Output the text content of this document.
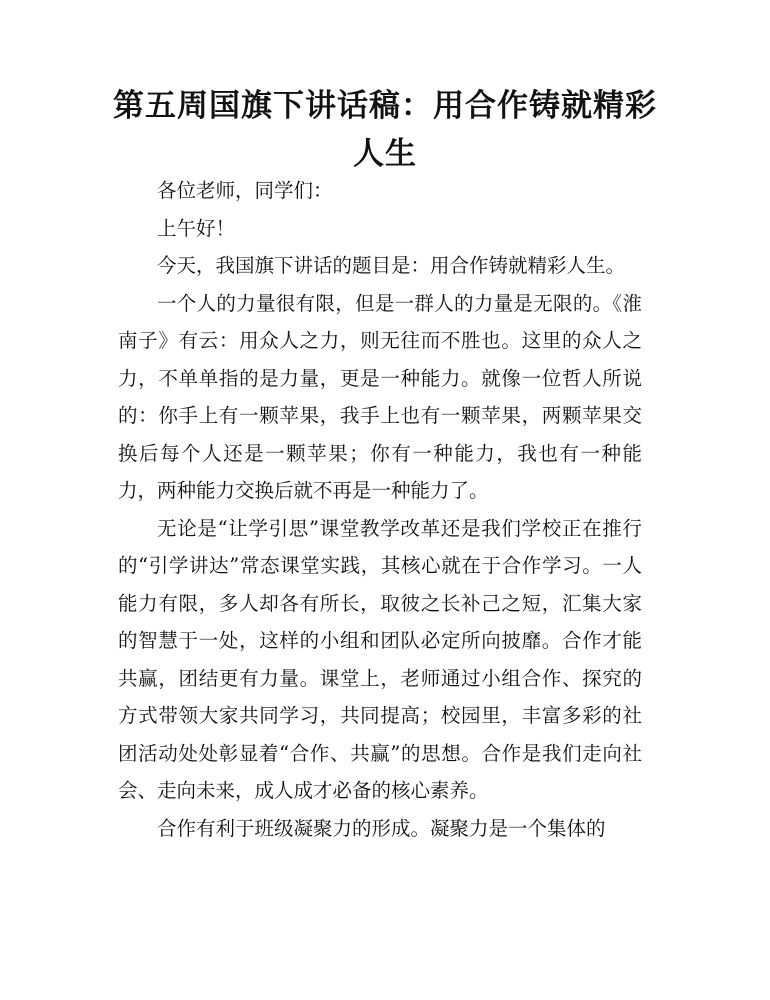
第五周国旗下讲话稿：用合作铸就精彩人生

各位老师，同学们：

上午好！

今天，我国旗下讲话的题目是：用合作铸就精彩人生。

一个人的力量很有限，但是一群人的力量是无限的。《淮南子》有云：用众人之力，则无往而不胜也。这里的众人之力，不单单指的是力量，更是一种能力。就像一位哲人所说的：你手上有一颗苹果，我手上也有一颗苹果，两颗苹果交换后每个人还是一颗苹果；你有一种能力，我也有一种能力，两种能力交换后就不再是一种能力了。

无论是“让学引思”课堂教学改革还是我们学校正在推行的“引学讲达”常态课堂实践，其核心就在于合作学习。一人能力有限，多人却各有所长，取彼之长补己之短，汇集大家的智慧于一处，这样的小组和团队必定所向披靡。合作才能共赢，团结更有力量。课堂上，老师通过小组合作、探究的方式带领大家共同学习，共同提高；校园里，丰富多彩的社团活动处处彰显着“合作、共赢”的思想。合作是我们走向社会、走向未来，成人成才必备的核心素养。

合作有利于班级凝聚力的形成。凝聚力是一个集体的
